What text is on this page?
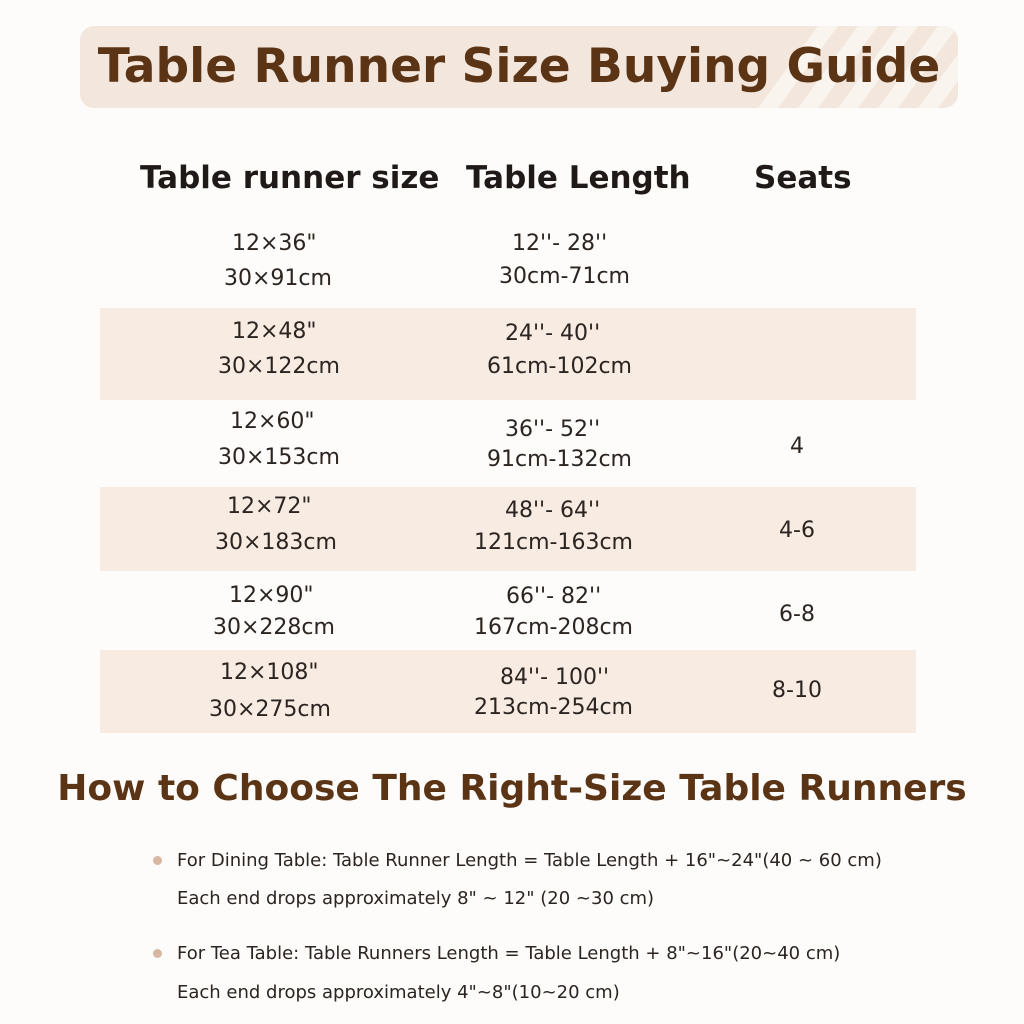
Table Runner Size Buying Guide
Table runner size Table Length Seats
12×36"
30×91cm
12''- 28''
30cm-71cm
12×48"
30×122cm
24''- 40''
61cm-102cm
12×60"
30×153cm
36''- 52''
91cm-132cm
4
12×72"
30×183cm
48''- 64''
121cm-163cm	4-6
12×90"
30×228cm
66''- 82''
167cm-208cm
6-8
12×108"
30×275cm
84''- 100''
213cm-254cm
8-10
How to Choose The Right-Size Table Runners
For Dining Table: Table Runner Length = Table Length + 16"~24"(40 ~ 60 cm)
Each end drops approximately 8" ~ 12" (20 ~30 cm)
For Tea Table: Table Runners Length = Table Length + 8"~16"(20~40 cm)
Each end drops approximately 4"~8"(10~20 cm)
